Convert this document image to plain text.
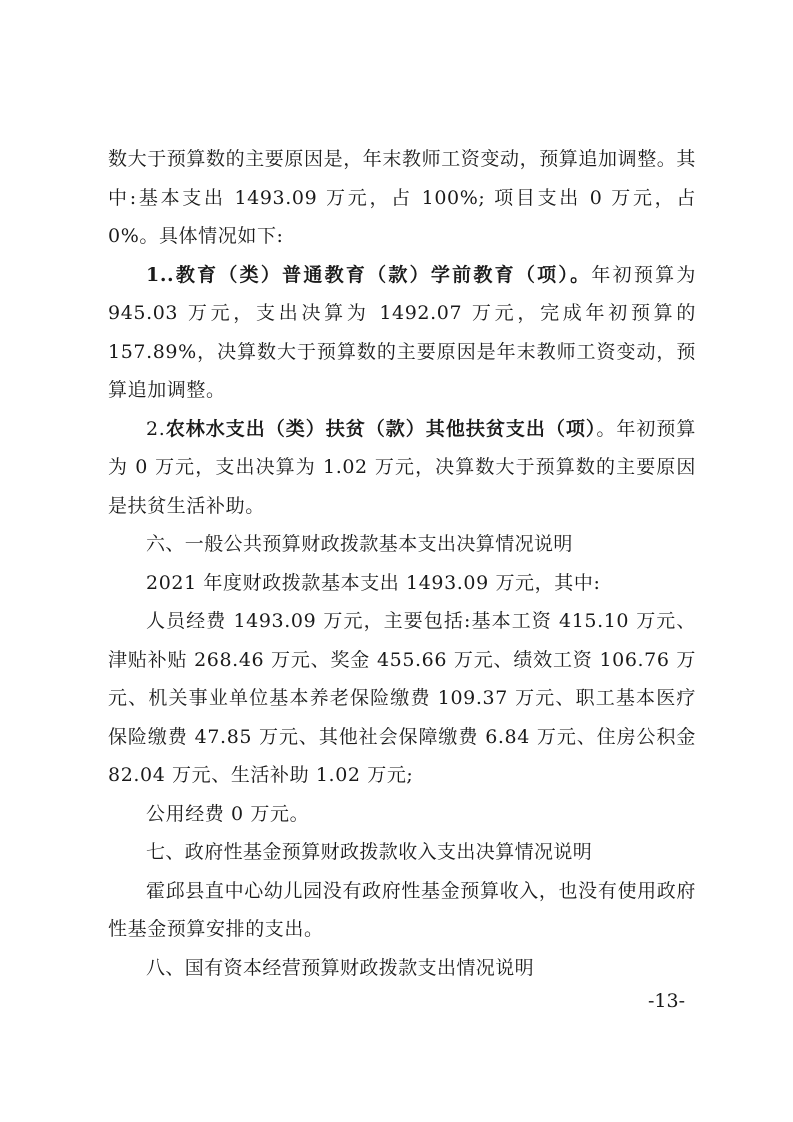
数大于预算数的主要原因是，年末教师工资变动，预算追加调整。其中:基本支出 1493.09 万元，占 100%; 项目支出 0 万元，占 0%。具体情况如下:

1..教育（类）普通教育（款）学前教育（项）。年初预算为 945.03 万元，支出决算为 1492.07 万元，完成年初预算的 157.89%，决算数大于预算数的主要原因是年末教师工资变动，预算追加调整。

2.农林水支出（类）扶贫（款）其他扶贫支出（项）。年初预算为 0 万元，支出决算为 1.02 万元，决算数大于预算数的主要原因是扶贫生活补助。

六、一般公共预算财政拨款基本支出决算情况说明

2021 年度财政拨款基本支出 1493.09 万元，其中:

人员经费 1493.09 万元，主要包括:基本工资 415.10 万元、津贴补贴 268.46 万元、奖金 455.66 万元、绩效工资 106.76 万元、机关事业单位基本养老保险缴费 109.37 万元、职工基本医疗保险缴费 47.85 万元、其他社会保障缴费 6.84 万元、住房公积金 82.04 万元、生活补助 1.02 万元;

公用经费 0 万元。

七、政府性基金预算财政拨款收入支出决算情况说明

霍邱县直中心幼儿园没有政府性基金预算收入，也没有使用政府性基金预算安排的支出。

八、国有资本经营预算财政拨款支出情况说明

-13-
